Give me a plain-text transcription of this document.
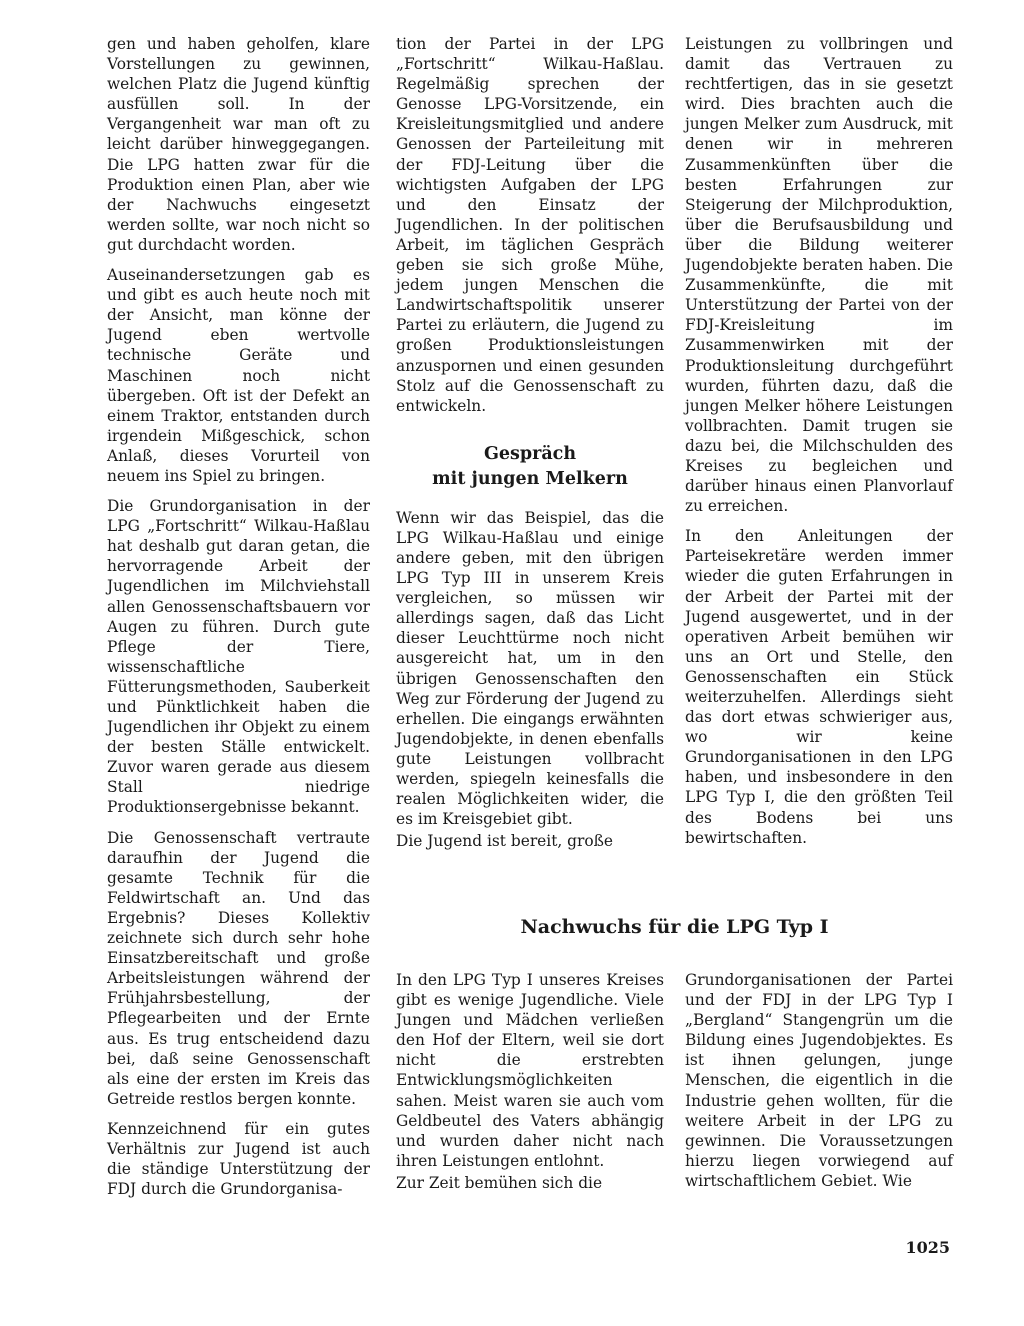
gen und haben geholfen, klare Vorstellungen zu gewinnen, welchen Platz die Jugend künftig ausfüllen soll. In der Vergangenheit war man oft zu leicht darüber hinweggegangen. Die LPG hatten zwar für die Produktion einen Plan, aber wie der Nachwuchs eingesetzt werden sollte, war noch nicht so gut durchdacht worden.

Auseinandersetzungen gab es und gibt es auch heute noch mit der Ansicht, man könne der Jugend eben wertvolle technische Geräte und Maschinen noch nicht übergeben. Oft ist der Defekt an einem Traktor, entstanden durch irgendein Mißgeschick, schon Anlaß, dieses Vorurteil von neuem ins Spiel zu bringen.

Die Grundorganisation in der LPG „Fortschritt“ Wilkau-Haßlau hat deshalb gut daran getan, die hervorragende Arbeit der Jugendlichen im Milchviehstall allen Genossenschaftsbauern vor Augen zu führen. Durch gute Pflege der Tiere, wissenschaftliche Fütterungsmethoden, Sauberkeit und Pünktlichkeit haben die Jugendlichen ihr Objekt zu einem der besten Ställe entwickelt. Zuvor waren gerade aus diesem Stall niedrige Produktionsergebnisse bekannt.

Die Genossenschaft vertraute daraufhin der Jugend die gesamte Technik für die Feldwirtschaft an. Und das Ergebnis? Dieses Kollektiv zeichnete sich durch sehr hohe Einsatzbereitschaft und große Arbeitsleistungen während der Frühjahrsbestellung, der Pflegearbeiten und der Ernte aus. Es trug entscheidend dazu bei, daß seine Genossenschaft als eine der ersten im Kreis das Getreide restlos bergen konnte.

Kennzeichnend für ein gutes Verhältnis zur Jugend ist auch die ständige Unterstützung der FDJ durch die Grundorganisa-

tion der Partei in der LPG „Fortschritt“ Wilkau-Haßlau. Regelmäßig sprechen der Genosse LPG-Vorsitzende, ein Kreisleitungsmitglied und andere Genossen der Parteileitung mit der FDJ-Leitung über die wichtigsten Aufgaben der LPG und den Einsatz der Jugendlichen. In der politischen Arbeit, im täglichen Gespräch geben sie sich große Mühe, jedem jungen Menschen die Landwirtschaftspolitik unserer Partei zu erläutern, die Jugend zu großen Produktionsleistungen anzuspornen und einen gesunden Stolz auf die Genossenschaft zu entwickeln.

Gespräch
mit jungen Melkern

Wenn wir das Beispiel, das die LPG Wilkau-Haßlau und einige andere geben, mit den übrigen LPG Typ III in unserem Kreis vergleichen, so müssen wir allerdings sagen, daß das Licht dieser Leuchttürme noch nicht ausgereicht hat, um in den übrigen Genossenschaften den Weg zur Förderung der Jugend zu erhellen. Die eingangs erwähnten Jugendobjekte, in denen ebenfalls gute Leistungen vollbracht werden, spiegeln keinesfalls die realen Möglichkeiten wider, die es im Kreisgebiet gibt.

Die Jugend ist bereit, große

Leistungen zu vollbringen und damit das Vertrauen zu rechtfertigen, das in sie gesetzt wird. Dies brachten auch die jungen Melker zum Ausdruck, mit denen wir in mehreren Zusammenkünften über die besten Erfahrungen zur Steigerung der Milchproduktion, über die Berufsausbildung und über die Bildung weiterer Jugendobjekte beraten haben. Die Zusammenkünfte, die mit Unterstützung der Partei von der FDJ-Kreisleitung im Zusammenwirken mit der Produktionsleitung durchgeführt wurden, führten dazu, daß die jungen Melker höhere Leistungen vollbrachten. Damit trugen sie dazu bei, die Milchschulden des Kreises zu begleichen und darüber hinaus einen Planvorlauf zu erreichen.

In den Anleitungen der Parteisekretäre werden immer wieder die guten Erfahrungen in der Arbeit der Partei mit der Jugend ausgewertet, und in der operativen Arbeit bemühen wir uns an Ort und Stelle, den Genossenschaften ein Stück weiterzuhelfen. Allerdings sieht das dort etwas schwieriger aus, wo wir keine Grundorganisationen in den LPG haben, und insbesondere in den LPG Typ I, die den größten Teil des Bodens bei uns bewirtschaften.

Nachwuchs für die LPG Typ I

In den LPG Typ I unseres Kreises gibt es wenige Jugendliche. Viele Jungen und Mädchen verließen den Hof der Eltern, weil sie dort nicht die erstrebten Entwicklungsmöglichkeiten sahen. Meist waren sie auch vom Geldbeutel des Vaters abhängig und wurden daher nicht nach ihren Leistungen entlohnt.

Zur Zeit bemühen sich die

Grundorganisationen der Partei und der FDJ in der LPG Typ I „Bergland“ Stangengrün um die Bildung eines Jugendobjektes. Es ist ihnen gelungen, junge Menschen, die eigentlich in die Industrie gehen wollten, für die weitere Arbeit in der LPG zu gewinnen. Die Voraussetzungen hierzu liegen vorwiegend auf wirtschaftlichem Gebiet. Wie

1025
